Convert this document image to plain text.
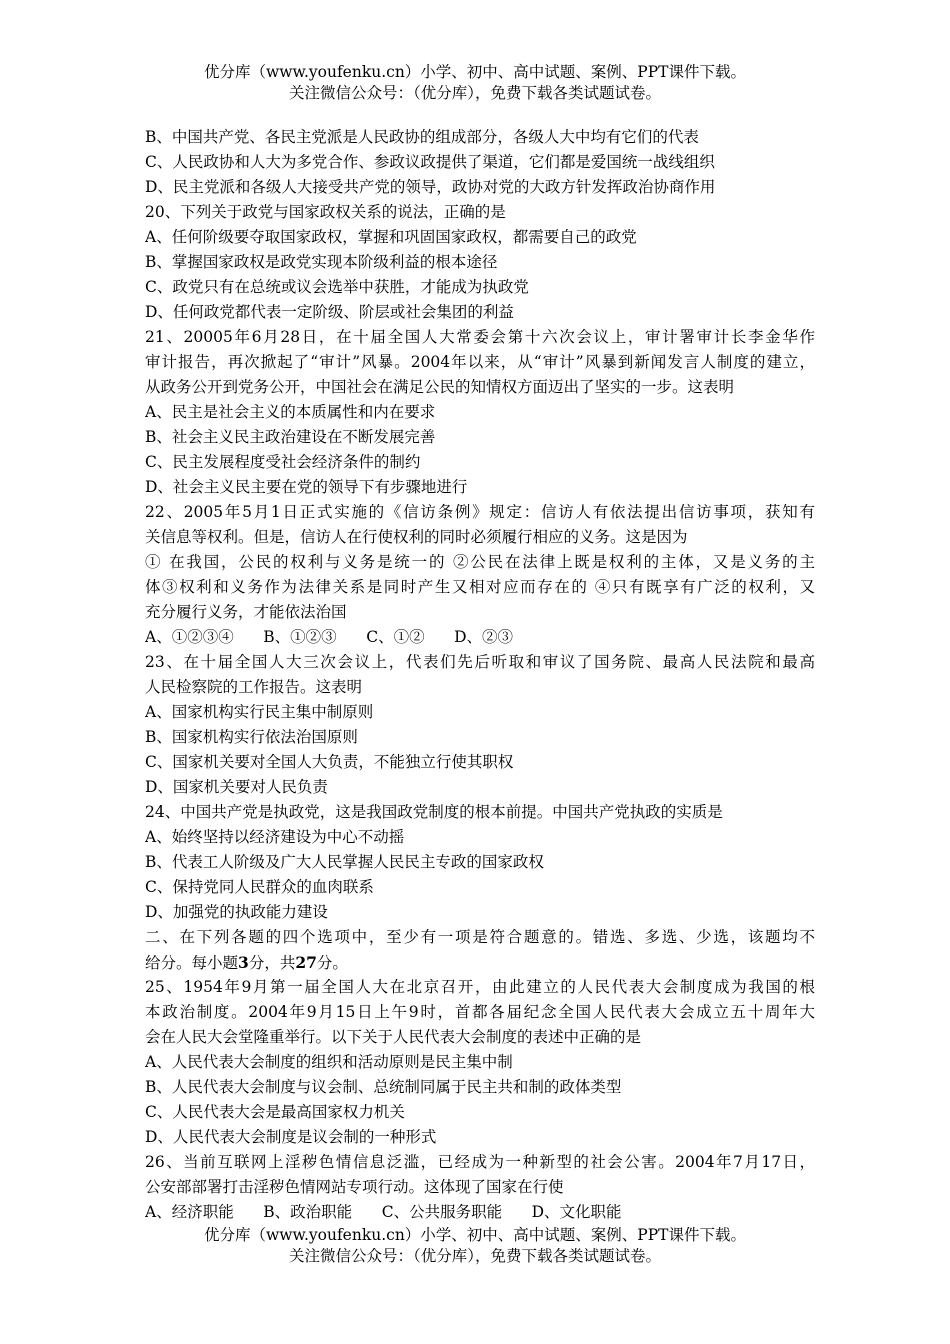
优分库（www.youfenku.cn）小学、初中、高中试题、案例、PPT课件下载。
关注微信公众号：（优分库），免费下载各类试题试卷。
B、中国共产党、各民主党派是人民政协的组成部分，各级人大中均有它们的代表
C、人民政协和人大为多党合作、参政议政提供了渠道，它们都是爱国统一战线组织
D、民主党派和各级人大接受共产党的领导，政协对党的大政方针发挥政治协商作用
20、下列关于政党与国家政权关系的说法，正确的是
A、任何阶级要夺取国家政权，掌握和巩固国家政权，都需要自己的政党
B、掌握国家政权是政党实现本阶级利益的根本途径
C、政党只有在总统或议会选举中获胜，才能成为执政党
D、任何政党都代表一定阶级、阶层或社会集团的利益
21、20005年6月28日，在十届全国人大常委会第十六次会议上，审计署审计长李金华作
审计报告，再次掀起了“审计”风暴。2004年以来，从“审计”风暴到新闻发言人制度的建立，
从政务公开到党务公开，中国社会在满足公民的知情权方面迈出了坚实的一步。这表明
A、民主是社会主义的本质属性和内在要求
B、社会主义民主政治建设在不断发展完善
C、民主发展程度受社会经济条件的制约
D、社会主义民主要在党的领导下有步骤地进行
22、2005年5月1日正式实施的《信访条例》规定：信访人有依法提出信访事项，获知有
关信息等权利。但是，信访人在行使权利的同时必须履行相应的义务。这是因为
① 在我国，公民的权利与义务是统一的 ②公民在法律上既是权利的主体，又是义务的主
体③权利和义务作为法律关系是同时产生又相对应而存在的 ④只有既享有广泛的权利，又
充分履行义务，才能依法治国
A、①②③④      B、①②③      C、①②      D、②③
23、在十届全国人大三次会议上，代表们先后听取和审议了国务院、最高人民法院和最高
人民检察院的工作报告。这表明
A、国家机构实行民主集中制原则
B、国家机构实行依法治国原则
C、国家机关要对全国人大负责，不能独立行使其职权
D、国家机关要对人民负责
24、中国共产党是执政党，这是我国政党制度的根本前提。中国共产党执政的实质是
A、始终坚持以经济建设为中心不动摇
B、代表工人阶级及广大人民掌握人民民主专政的国家政权
C、保持党同人民群众的血肉联系
D、加强党的执政能力建设
二、在下列各题的四个选项中，至少有一项是符合题意的。错选、多选、少选，该题均不
给分。每小题3分，共27分。
25、1954年9月第一届全国人大在北京召开，由此建立的人民代表大会制度成为我国的根
本政治制度。2004年9月15日上午9时，首都各届纪念全国人民代表大会成立五十周年大
会在人民大会堂隆重举行。以下关于人民代表大会制度的表述中正确的是
A、人民代表大会制度的组织和活动原则是民主集中制
B、人民代表大会制度与议会制、总统制同属于民主共和制的政体类型
C、人民代表大会是最高国家权力机关
D、人民代表大会制度是议会制的一种形式
26、当前互联网上淫秽色情信息泛滥，已经成为一种新型的社会公害。2004年7月17日，
公安部部署打击淫秽色情网站专项行动。这体现了国家在行使
A、经济职能      B、政治职能      C、公共服务职能      D、文化职能
优分库（www.youfenku.cn）小学、初中、高中试题、案例、PPT课件下载。
关注微信公众号：（优分库），免费下载各类试题试卷。
